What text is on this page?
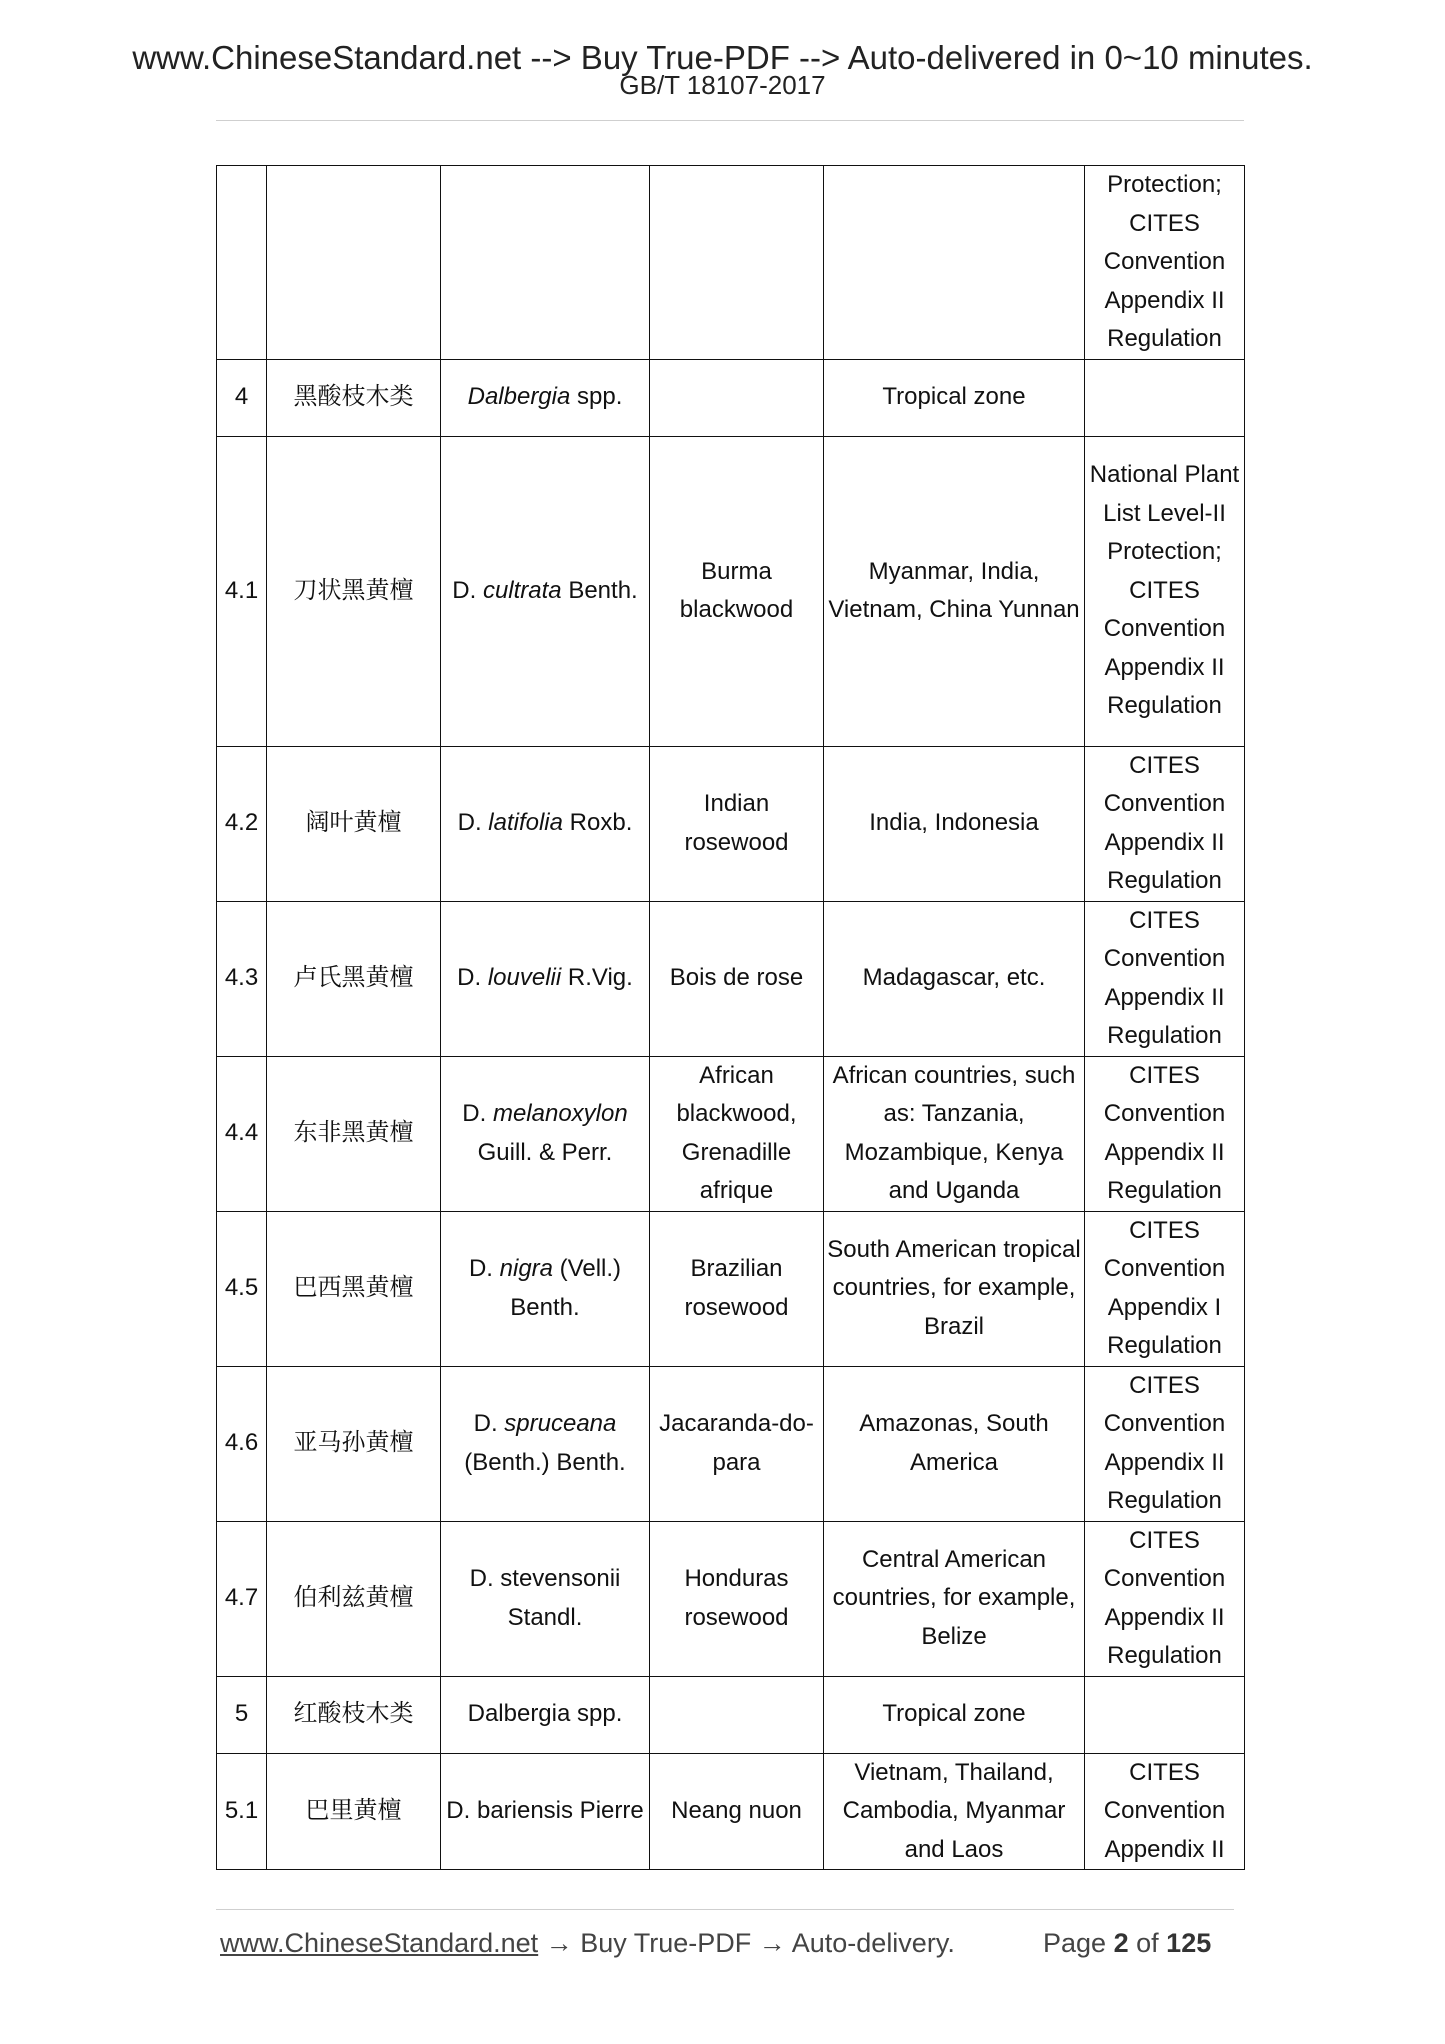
www.ChineseStandard.net --> Buy True-PDF --> Auto-delivered in 0~10 minutes.
GB/T 18107-2017
					Protection; CITES Convention Appendix II Regulation
4	黑酸枝木类	Dalbergia spp.		Tropical zone	
4.1	刀状黑黄檀	D. cultrata Benth.	Burma blackwood	Myanmar, India, Vietnam, China Yunnan	National Plant List Level-II Protection; CITES Convention Appendix II Regulation
4.2	阔叶黄檀	D. latifolia Roxb.	Indian rosewood	India, Indonesia	CITES Convention Appendix II Regulation
4.3	卢氏黑黄檀	D. louvelii R.Vig.	Bois de rose	Madagascar, etc.	CITES Convention Appendix II Regulation
4.4	东非黑黄檀	D. melanoxylon Guill. & Perr.	African blackwood, Grenadille afrique	African countries, such as: Tanzania, Mozambique, Kenya and Uganda	CITES Convention Appendix II Regulation
4.5	巴西黑黄檀	D. nigra (Vell.) Benth.	Brazilian rosewood	South American tropical countries, for example, Brazil	CITES Convention Appendix I Regulation
4.6	亚马孙黄檀	D. spruceana (Benth.) Benth.	Jacaranda-do-para	Amazonas, South America	CITES Convention Appendix II Regulation
4.7	伯利兹黄檀	D. stevensonii Standl.	Honduras rosewood	Central American countries, for example, Belize	CITES Convention Appendix II Regulation
5	红酸枝木类	Dalbergia spp.		Tropical zone	
5.1	巴里黄檀	D. bariensis Pierre	Neang nuon	Vietnam, Thailand, Cambodia, Myanmar and Laos	CITES Convention Appendix II
www.ChineseStandard.net → Buy True-PDF → Auto-delivery.	Page 2 of 125
